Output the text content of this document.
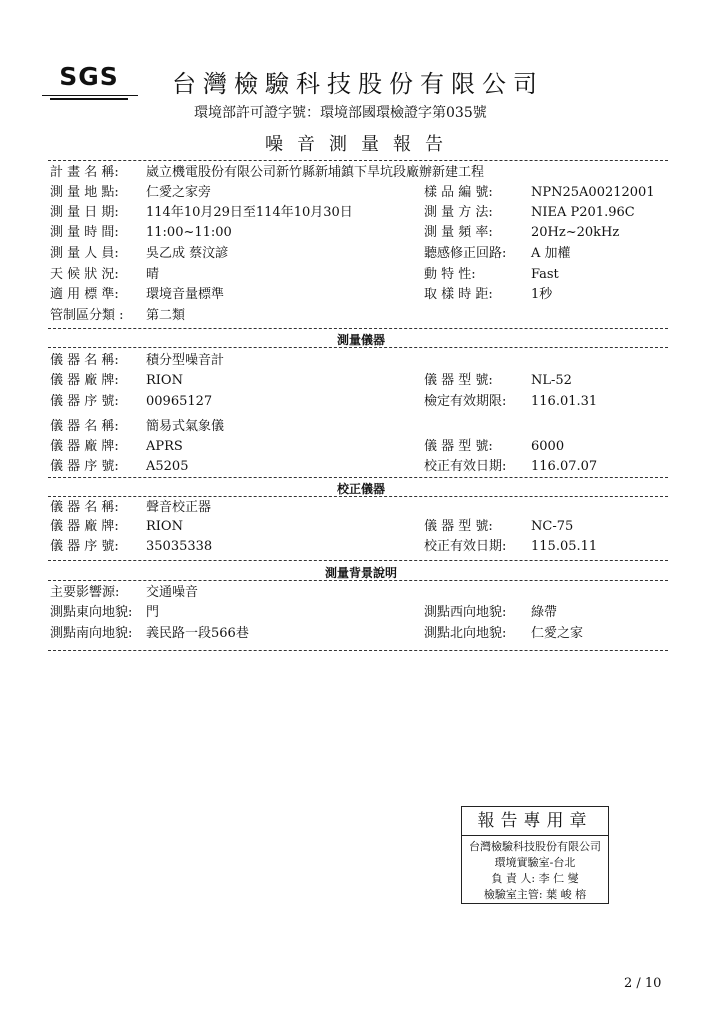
SGS	台灣檢驗科技股份有限公司
環境部許可證字號：環境部國環檢證字第035號
噪音測量報告
計 畫 名 稱: 崴立機電股份有限公司新竹縣新埔鎮下旱坑段廠辦新建工程
測 量 地 點: 仁愛之家旁	樣 品 編 號:	NPN25A00212001
測 量 日 期: 114年10月29日至114年10月30日	測 量 方 法:	NIEA P201.96C
測 量 時 間: 11:00~11:00	測 量 頻 率:	20Hz~20kHz
測 量 人 員: 吳乙成 蔡汶諺	聽感修正回路: A 加權
天 候 狀 況: 晴	動 特 性:	Fast
適 用 標 準: 環境音量標準	取 樣 時 距:	1秒
管制區分類 : 第二類
測量儀器
儀 器 名 稱: 積分型噪音計
儀 器 廠 牌: RION	儀 器 型 號:	NL-52
儀 器 序 號: 00965127	檢定有效期限: 116.01.31
儀 器 名 稱: 簡易式氣象儀
儀 器 廠 牌: APRS	儀 器 型 號:	6000
儀 器 序 號: A5205	校正有效日期: 116.07.07
校正儀器
儀 器 名 稱: 聲音校正器
儀 器 廠 牌: RION	儀 器 型 號:	NC-75
儀 器 序 號: 35035338	校正有效日期: 115.05.11
測量背景說明
主要影響源: 交通噪音
測點東向地貌: 門	測點西向地貌: 綠帶
測點南向地貌: 義民路一段566巷	測點北向地貌: 仁愛之家
報告專用章
台灣檢驗科技股份有限公司
環境實驗室-台北
負 責 人: 李 仁 燮
檢驗室主管: 葉 峻 榕
2 / 10
